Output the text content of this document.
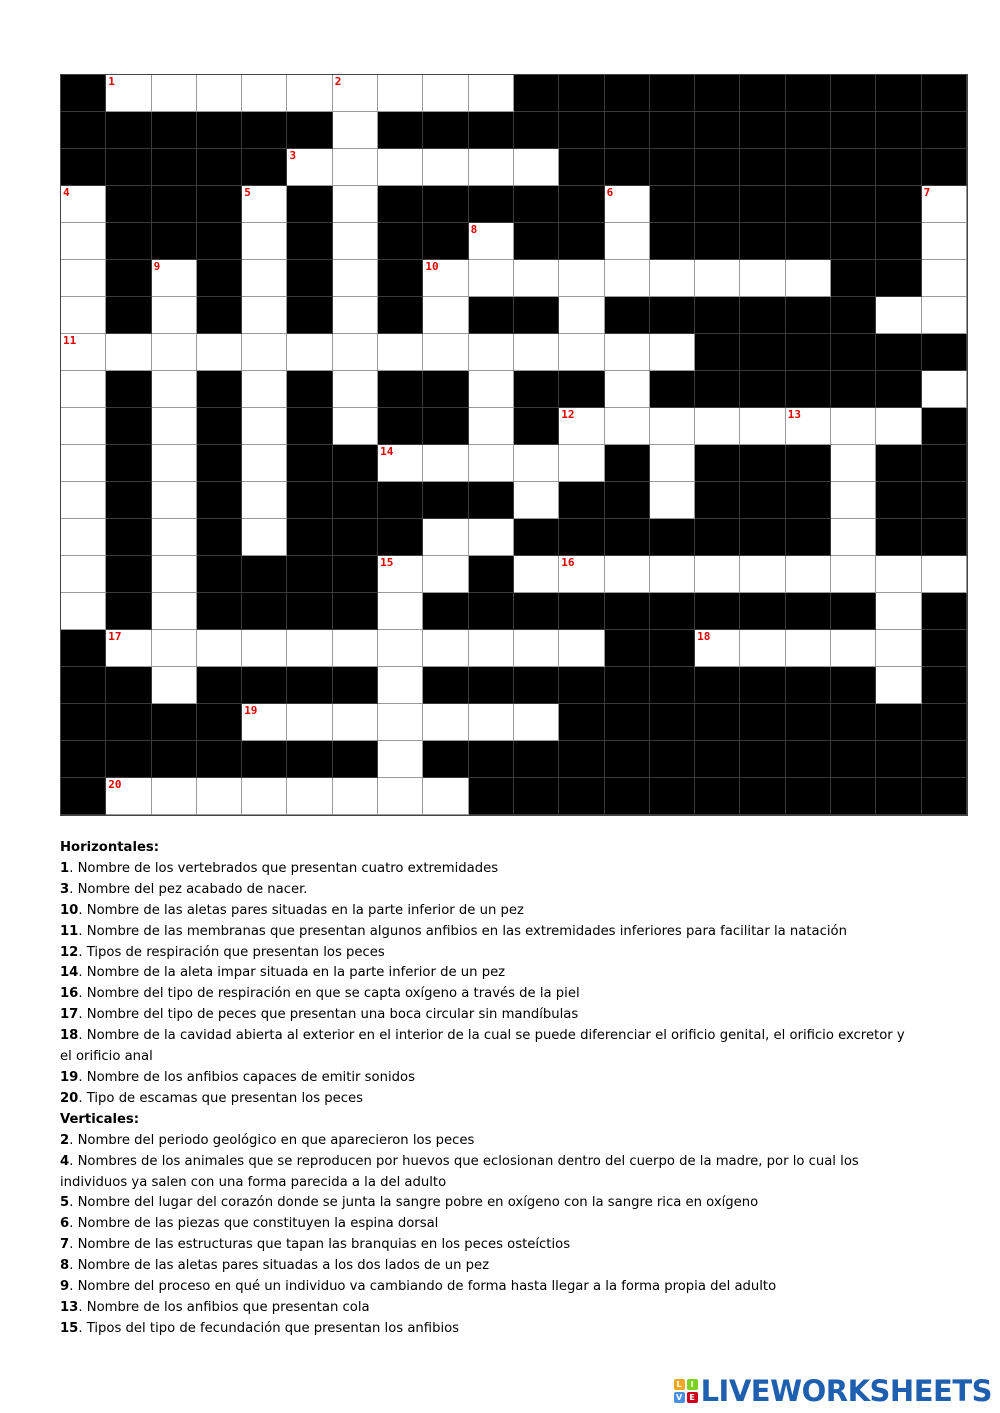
1	2
3
4	5	6	7
8
9	10
11
12	13
14
15	16
17	18
19
20
Horizontales:
1. Nombre de los vertebrados que presentan cuatro extremidades
3. Nombre del pez acabado de nacer.
10. Nombre de las aletas pares situadas en la parte inferior de un pez
11. Nombre de las membranas que presentan algunos anfibios en las extremidades inferiores para facilitar la natación
12. Tipos de respiración que presentan los peces
14. Nombre de la aleta impar situada en la parte inferior de un pez
16. Nombre del tipo de respiración en que se capta oxígeno a través de la piel
17. Nombre del tipo de peces que presentan una boca circular sin mandíbulas
18. Nombre de la cavidad abierta al exterior en el interior de la cual se puede diferenciar el orificio genital, el orificio excretor y el orificio anal
19. Nombre de los anfibios capaces de emitir sonidos
20. Tipo de escamas que presentan los peces
Verticales:
2. Nombre del periodo geológico en que aparecieron los peces
4. Nombres de los animales que se reproducen por huevos que eclosionan dentro del cuerpo de la madre, por lo cual los individuos ya salen con una forma parecida a la del adulto
5. Nombre del lugar del corazón donde se junta la sangre pobre en oxígeno con la sangre rica en oxígeno
6. Nombre de las piezas que constituyen la espina dorsal
7. Nombre de las estructuras que tapan las branquias en los peces osteíctios
8. Nombre de las aletas pares situadas a los dos lados de un pez
9. Nombre del proceso en qué un individuo va cambiando de forma hasta llegar a la forma propia del adulto
13. Nombre de los anfibios que presentan cola
15. Tipos del tipo de fecundación que presentan los anfibios
L	I
V E LIVEWORKSHEETS
